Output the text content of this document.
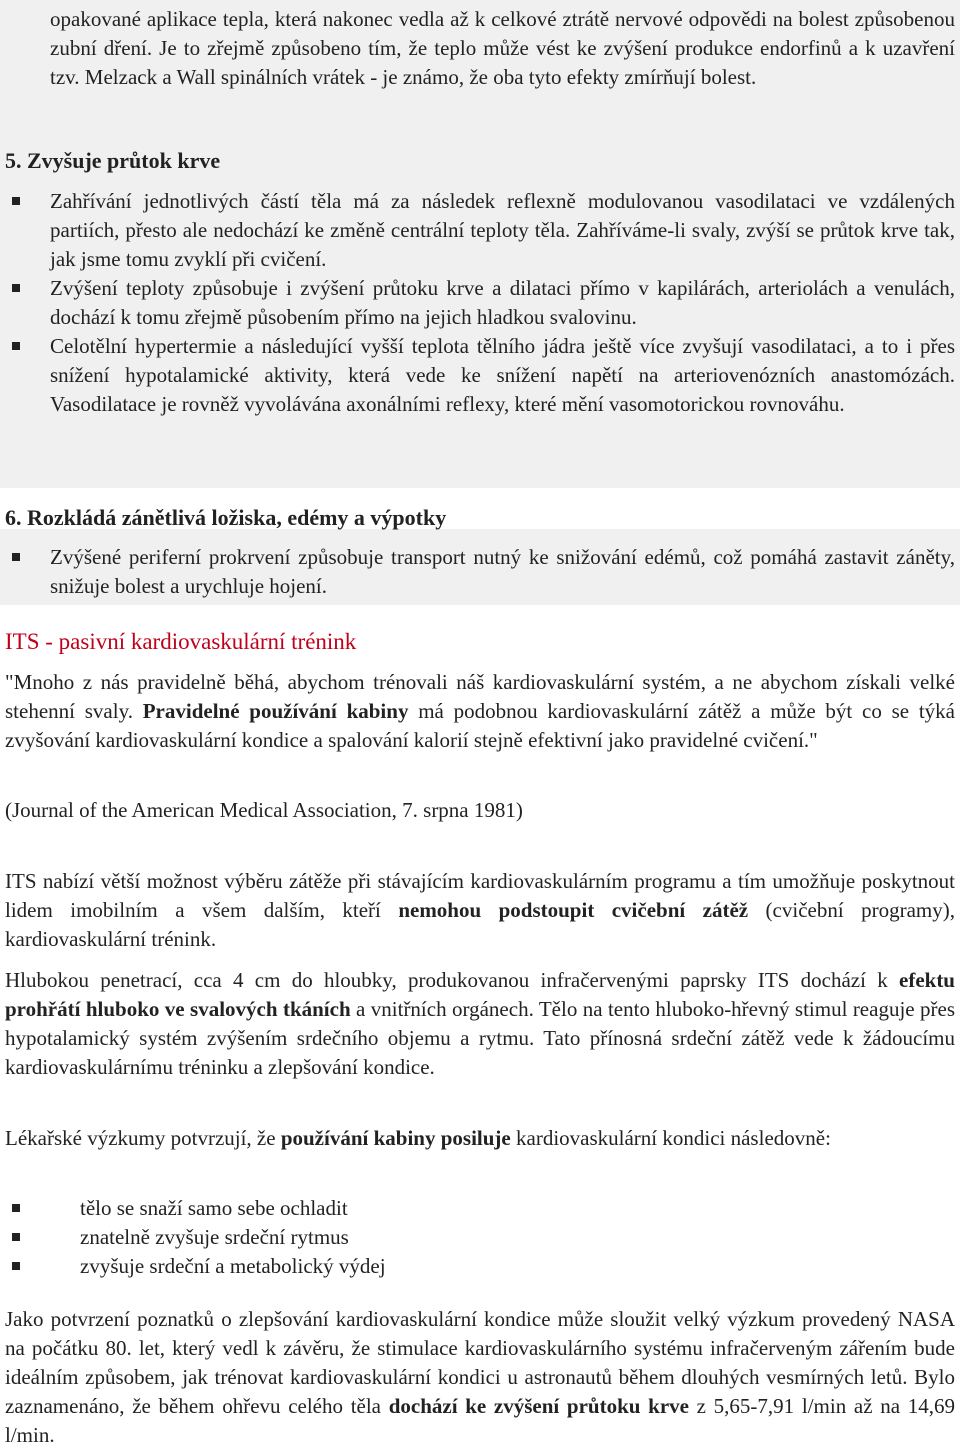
opakované aplikace tepla, která nakonec vedla až k celkové ztrátě nervové odpovědi na bolest způsobenou zubní dření. Je to zřejmě způsobeno tím, že teplo může vést ke zvýšení produkce endorfinů a k uzavření tzv. Melzack a Wall spinálních vrátek - je známo, že oba tyto efekty zmírňují bolest.

5. Zvyšuje průtok krve

Zahřívání jednotlivých částí těla má za následek reflexně modulovanou vasodilataci ve vzdálených partiích, přesto ale nedochází ke změně centrální teploty těla. Zahříváme-li svaly, zvýší se průtok krve tak, jak jsme tomu zvyklí při cvičení.

Zvýšení teploty způsobuje i zvýšení průtoku krve a dilataci přímo v kapilárách, arteriolách a venulách, dochází k tomu zřejmě působením přímo na jejich hladkou svalovinu.

Celotělní hypertermie a následující vyšší teplota tělního jádra ještě více zvyšují vasodilataci, a to i přes snížení hypotalamické aktivity, která vede ke snížení napětí na arteriovenózních anastomózách. Vasodilatace je rovněž vyvolávána axonálními reflexy, které mění vasomotorickou rovnováhu.

6. Rozkládá zánětlivá ložiska, edémy a výpotky

Zvýšené periferní prokrvení způsobuje transport nutný ke snižování edémů, což pomáhá zastavit záněty, snižuje bolest a urychluje hojení.

ITS - pasivní kardiovaskulární trénink

"Mnoho z nás pravidelně běhá, abychom trénovali náš kardiovaskulární systém, a ne abychom získali velké stehenní svaly. Pravidelné používání kabiny má podobnou kardiovaskulární zátěž a může být co se týká zvyšování kardiovaskulární kondice a spalování kalorií stejně efektivní jako pravidelné cvičení."

(Journal of the American Medical Association, 7. srpna 1981)

ITS nabízí větší možnost výběru zátěže při stávajícím kardiovaskulárním programu a tím umožňuje poskytnout lidem imobilním a všem dalším, kteří nemohou podstoupit cvičební zátěž (cvičební programy), kardiovaskulární trénink.

Hlubokou penetrací, cca 4 cm do hloubky, produkovanou infračervenými paprsky ITS dochází k efektu prohřátí hluboko ve svalových tkáních a vnitřních orgánech. Tělo na tento hluboko-hřevný stimul reaguje přes hypotalamický systém zvýšením srdečního objemu a rytmu. Tato přínosná srdeční zátěž vede k žádoucímu kardiovaskulárnímu tréninku a zlepšování kondice.

Lékařské výzkumy potvrzují, že používání kabiny posiluje kardiovaskulární kondici následovně:

tělo se snaží samo sebe ochladit
znatelně zvyšuje srdeční rytmus
zvyšuje srdeční a metabolický výdej

Jako potvrzení poznatků o zlepšování kardiovaskulární kondice může sloužit velký výzkum provedený NASA na počátku 80. let, který vedl k závěru, že stimulace kardiovaskulárního systému infračerveným zářením bude ideálním způsobem, jak trénovat kardiovaskulární kondici u astronautů během dlouhých vesmírných letů. Bylo zaznamenáno, že během ohřevu celého těla dochází ke zvýšení průtoku krve z 5,65-7,91 l/min až na 14,69 l/min.
